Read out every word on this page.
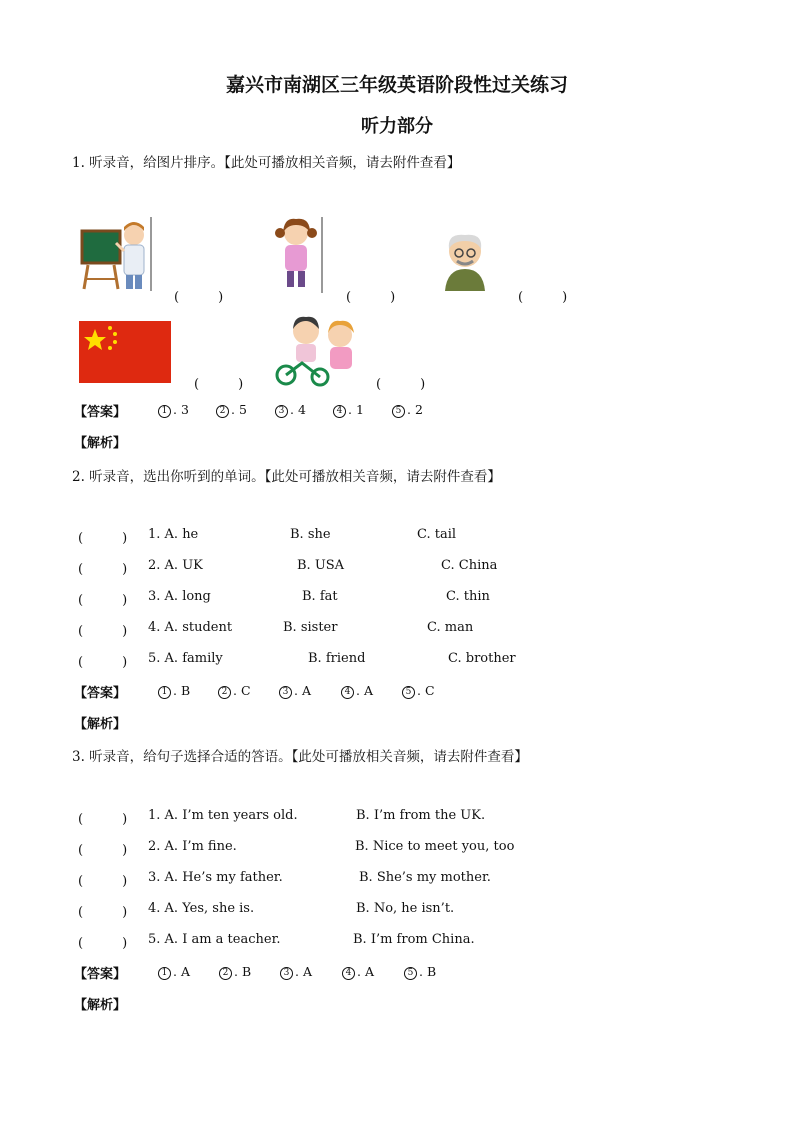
嘉兴市南湖区三年级英语阶段性过关练习
听力部分
1. 听录音，给图片排序。【此处可播放相关音频，请去附件查看】
(　　　)	(　　　)	(　　　)
(　　　)	(　　　)
【答案】	1 . 3	2 . 5	3 . 4	4 . 1	5 . 2
【解析】
2. 听录音，选出你听到的单词。【此处可播放相关音频，请去附件查看】
(　　　) 1. A. he	B. she	C. tail
(　　　) 2. A. UK	B. USA	C. China
(　　　) 3. A. long	B. fat	C. thin
(　　　) 4. A. student	B. sister	C. man
(　　　) 5. A. family	B. friend	C. brother
【答案】	1 . B	2 . C	3 . A	4 . A	5 . C
【解析】
3. 听录音，给句子选择合适的答语。【此处可播放相关音频，请去附件查看】
(　　　) 1. A. I’m ten years old.	B. I’m from the UK.
(　　　) 2. A. I’m fine.	B. Nice to meet you, too
(　　　) 3. A. He’s my father.	B. She’s my mother.
(　　　) 4. A. Yes, she is.	B. No, he isn’t.
(　　　) 5. A. I am a teacher.	B. I’m from China.
【答案】	1 . A	2 . B	3 . A	4 . A	5 . B
【解析】
